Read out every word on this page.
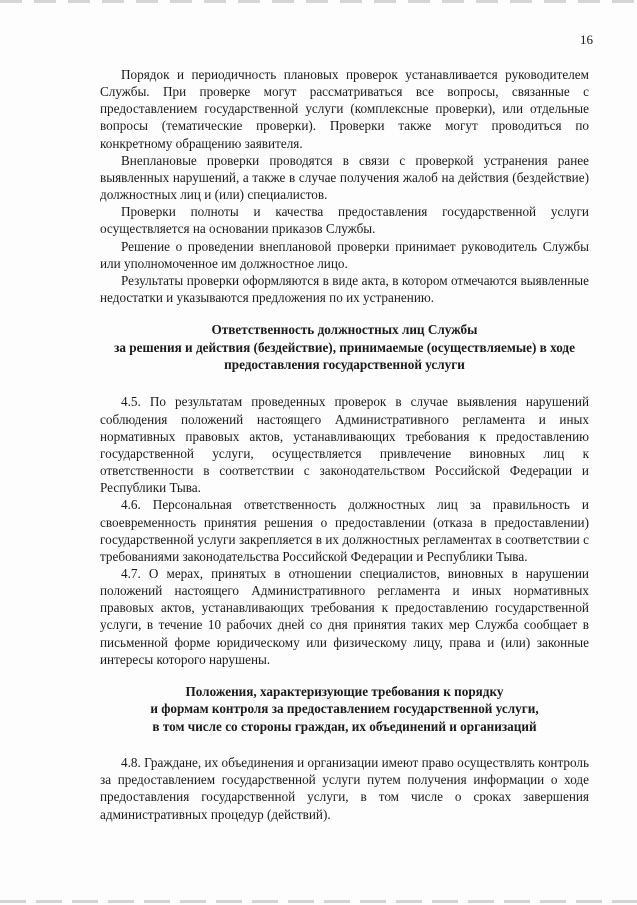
16

Порядок и периодичность плановых проверок устанавливается руководителем Службы. При проверке могут рассматриваться все вопросы, связанные с предоставлением государственной услуги (комплексные проверки), или отдельные вопросы (тематические проверки). Проверки также могут проводиться по конкретному обращению заявителя.

Внеплановые проверки проводятся в связи с проверкой устранения ранее выявленных нарушений, а также в случае получения жалоб на действия (бездействие) должностных лиц и (или) специалистов.

Проверки полноты и качества предоставления государственной услуги осуществляется на основании приказов Службы.

Решение о проведении внеплановой проверки принимает руководитель Службы или уполномоченное им должностное лицо.

Результаты проверки оформляются в виде акта, в котором отмечаются выявленные недостатки и указываются предложения по их устранению.

Ответственность должностных лиц Службы

за решения и действия (бездействие), принимаемые (осуществляемые) в ходе предоставления государственной услуги

4.5. По результатам проведенных проверок в случае выявления нарушений соблюдения положений настоящего Административного регламента и иных нормативных правовых актов, устанавливающих требования к предоставлению государственной услуги, осуществляется привлечение виновных лиц к ответственности в соответствии с законодательством Российской Федерации и Республики Тыва.

4.6. Персональная ответственность должностных лиц за правильность и своевременность принятия решения о предоставлении (отказа в предоставлении) государственной услуги закрепляется в их должностных регламентах в соответствии с требованиями законодательства Российской Федерации и Республики Тыва.

4.7. О мерах, принятых в отношении специалистов, виновных в нарушении положений настоящего Административного регламента и иных нормативных правовых актов, устанавливающих требования к предоставлению государственной услуги, в течение 10 рабочих дней со дня принятия таких мер Служба сообщает в письменной форме юридическому или физическому лицу, права и (или) законные интересы которого нарушены.

Положения, характеризующие требования к порядку

и формам контроля за предоставлением государственной услуги,

в том числе со стороны граждан, их объединений и организаций

4.8. Граждане, их объединения и организации имеют право осуществлять контроль за предоставлением государственной услуги путем получения информации о ходе предоставления государственной услуги, в том числе о сроках завершения административных процедур (действий).
